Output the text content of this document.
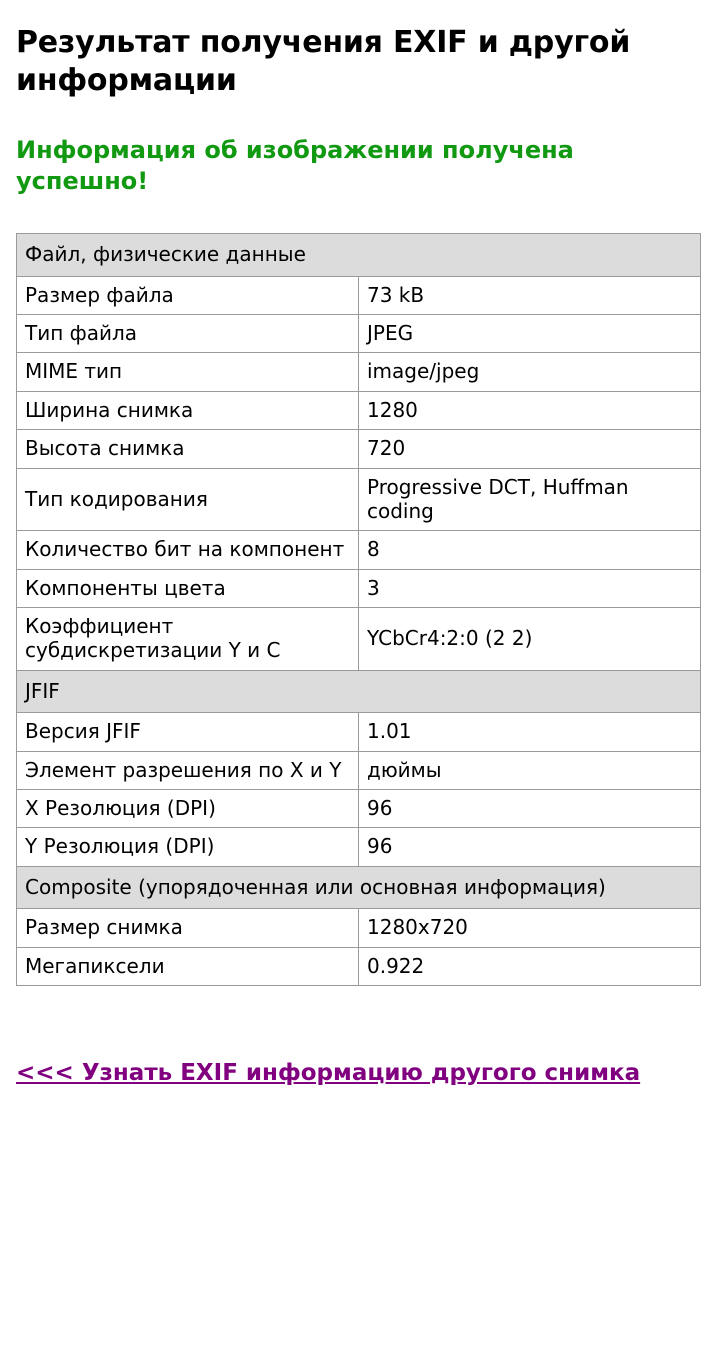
Результат получения EXIF и другой информации

Информация об изображении получена успешно!

Файл, физические данные	
Размер файла	73 kB
Тип файла	JPEG
MIME тип	image/jpeg
Ширина снимка	1280
Высота снимка	720
Тип кодирования	Progressive DCT, Huffman coding
Количество бит на компонент	8
Компоненты цвета	3
Коэффициент субдискретизации Y и C	YCbCr4:2:0 (2 2)
JFIF	
Версия JFIF	1.01
Элемент разрешения по X и Y	дюймы
X Резолюция (DPI)	96
Y Резолюция (DPI)	96
Composite (упорядоченная или основная информация)	
Размер снимка	1280x720
Мегапиксели	0.922
<<< Узнать EXIF информацию другого снимка
